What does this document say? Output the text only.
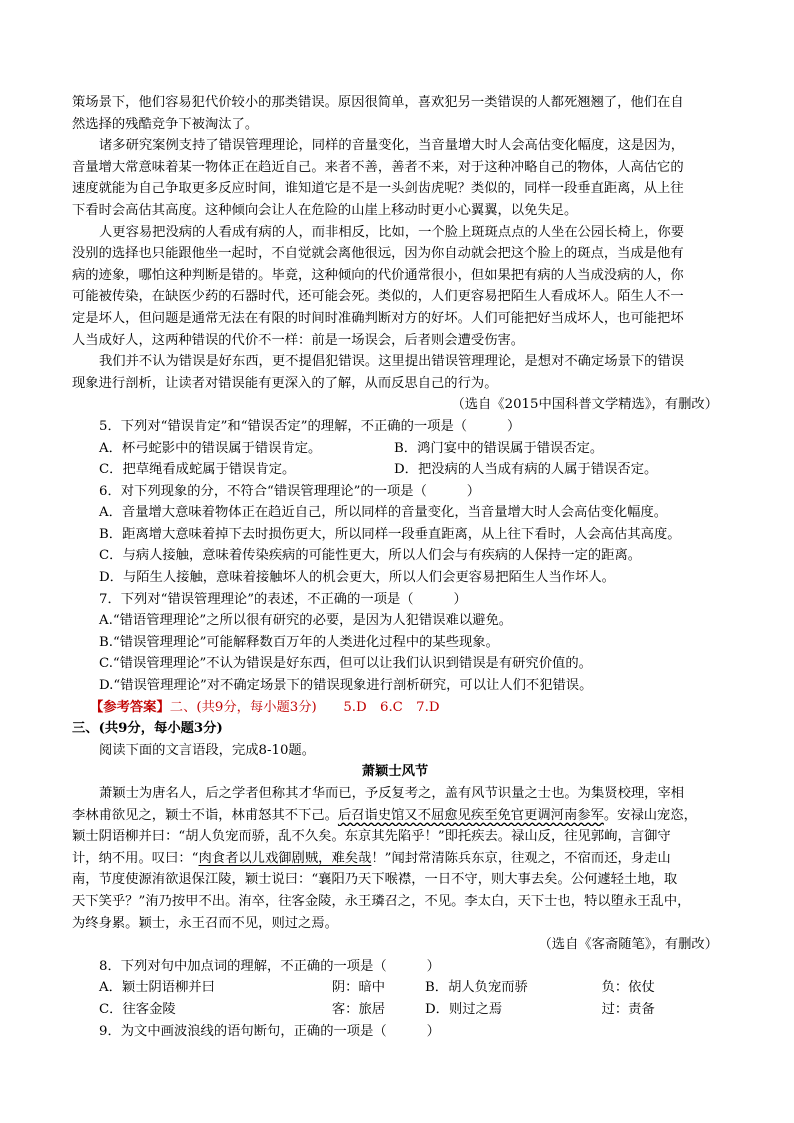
策场景下，他们容易犯代价较小的那类错误。原因很简单，喜欢犯另一类错误的人都死翘翘了，他们在自

然选择的残酷竞争下被淘汰了。

诸多研究案例支持了错误管理理论，同样的音量变化，当音量增大时人会高估变化幅度，这是因为，

音量增大常意味着某一物体正在趋近自己。来者不善，善者不来，对于这种冲略自己的物体，人高估它的

速度就能为自己争取更多反应时间，谁知道它是不是一头剑齿虎呢？类似的，同样一段垂直距离，从上往

下看时会高估其高度。这种倾向会让人在危险的山崖上移动时更小心翼翼，以免失足。

人更容易把没病的人看成有病的人，而非相反，比如，一个脸上斑斑点点的人坐在公园长椅上，你要

没别的选择也只能跟他坐一起时，不自觉就会离他很远，因为你自动就会把这个脸上的斑点，当成是他有

病的迹象，哪怕这种判断是错的。毕竟，这种倾向的代价通常很小，但如果把有病的人当成没病的人，你

可能被传染，在缺医少药的石器时代，还可能会死。类似的，人们更容易把陌生人看成坏人。陌生人不一

定是坏人，但问题是通常无法在有限的时间时准确判断对方的好坏。人们可能把好当成坏人，也可能把坏

人当成好人，这两种错误的代价不一样：前是一场误会，后者则会遭受伤害。

我们并不认为错误是好东西，更不提倡犯错误。这里提出错误管理理论，是想对不确定场景下的错误

现象进行剖析，让读者对错误能有更深入的了解，从而反思自己的行为。

（选自《2015中国科普文学精选》，有删改）

5．下列对“错误肯定”和“错误否定”的理解，不正确的一项是（　　　）

A．杯弓蛇影中的错误属于错误肯定。	B．鸿门宴中的错误属于错误否定。
C．把草绳看成蛇属于错误肯定。	D．把没病的人当成有病的人属于错误否定。

6．对下列现象的分，不符合“错误管理理论”的一项是（　　　）

A．音量增大意味着物体正在趋近自己，所以同样的音量变化，当音量增大时人会高估变化幅度。

B．距离增大意味着掉下去时损伤更大，所以同样一段垂直距离，从上往下看时，人会高估其高度。

C．与病人接触，意味着传染疾病的可能性更大，所以人们会与有疾病的人保持一定的距离。

D．与陌生人接触，意味着接触坏人的机会更大，所以人们会更容易把陌生人当作坏人。

7．下列对“错误管理理论”的表述，不正确的一项是（　　　）

A.“错语管理理论”之所以很有研究的必要，是因为人犯错误难以避免。

B.“错误管理理论”可能解释数百万年的人类进化过程中的某些现象。

C.“错误管理理论”不认为错误是好东西，但可以让我们认识到错误是有研究价值的。

D.“错误管理理论”对不确定场景下的错误现象进行剖析研究，可以让人们不犯错误。

【参考答案】二、(共9分，每小题3分)　　5.D　6.C　7.D

三、(共9分，每小题3分)

阅读下面的文言语段，完成8-10题。

萧颖士风节

萧颖士为唐名人，后之学者但称其才华而已，予反复考之，盖有风节识量之士也。为集贤校理，宰相

李林甫欲见之，颖士不诣，林甫怒其不下己。后召诣史馆又不屈愈见疾至免官更调河南参军。安禄山宠恣，

颖士阴语柳并曰：“胡人负宠而骄，乱不久矣。东京其先陷乎！”即托疾去。禄山反，往见郭峋，言御守

计，纳不用。叹曰：“肉食者以儿戏御剧贼，难矣哉！”闻封常清陈兵东京，往观之，不宿而还，身走山

南，节度使源洧欲退保江陵，颖士说曰：“襄阳乃天下喉襟，一日不守，则大事去矣。公何遽轻土地，取

天下笑乎？”洧乃按甲不出。洧卒，往客金陵，永王璘召之，不见。李太白，天下士也，特以堕永王乱中，

为终身累。颖士，永王召而不见，则过之焉。

（选自《客斋随笔》，有删改）

8．下列对句中加点词的理解，不正确的一项是（　　　）

A．颖士阴语柳并曰	阴：暗中	B．胡人负宠而骄	负：依仗
C．往客金陵	客：旅居	D．则过之焉	过：责备

9．为文中画波浪线的语句断句，正确的一项是（　　　）
